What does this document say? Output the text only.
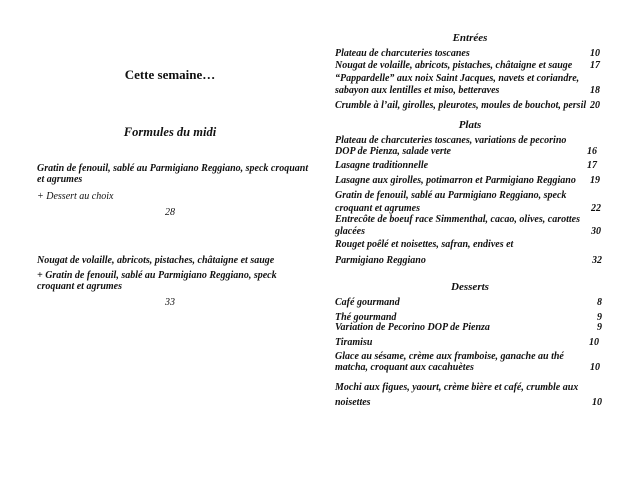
Cette semaine…
Formules du midi
Gratin de fenouil, sablé au Parmigiano Reggiano, speck croquant
et agrumes
+ Dessert au choix
28
Nougat de volaille, abricots, pistaches, châtaigne et sauge
+ Gratin de fenouil, sablé au Parmigiano Reggiano, speck
croquant et agrumes
33
Entrées
Plateau de charcuteries toscanes	10
Nougat de volaille, abricots, pistaches, châtaigne et sauge	17
“Pappardelle” aux noix Saint Jacques, navets et coriandre,
sabayon aux lentilles et miso, betteraves	18
Crumble à l’ail, girolles, pleurotes, moules de bouchot, persil 20
Plats
Plateau de charcuteries toscanes, variations de pecorino
DOP de Pienza, salade verte	16
Lasagne traditionnelle	17
Lasagne aux girolles, potimarron et Parmigiano Reggiano	19
Gratin de fenouil, sablé au Parmigiano Reggiano, speck
croquant et agrumes	22
Entrecôte de boeuf race Simmenthal, cacao, olives, carottes
glacées	30
Rouget poêlé et noisettes, safran, endives et
Parmigiano Reggiano	32
Desserts
Café gourmand	8
Thé gourmand	9
Variation de Pecorino DOP de Pienza	9
Tiramisu	10
Glace au sésame, crème aux framboise, ganache au thé
matcha, croquant aux cacahuètes	10
Mochi aux figues, yaourt, crème bière et café, crumble aux
noisettes	10
